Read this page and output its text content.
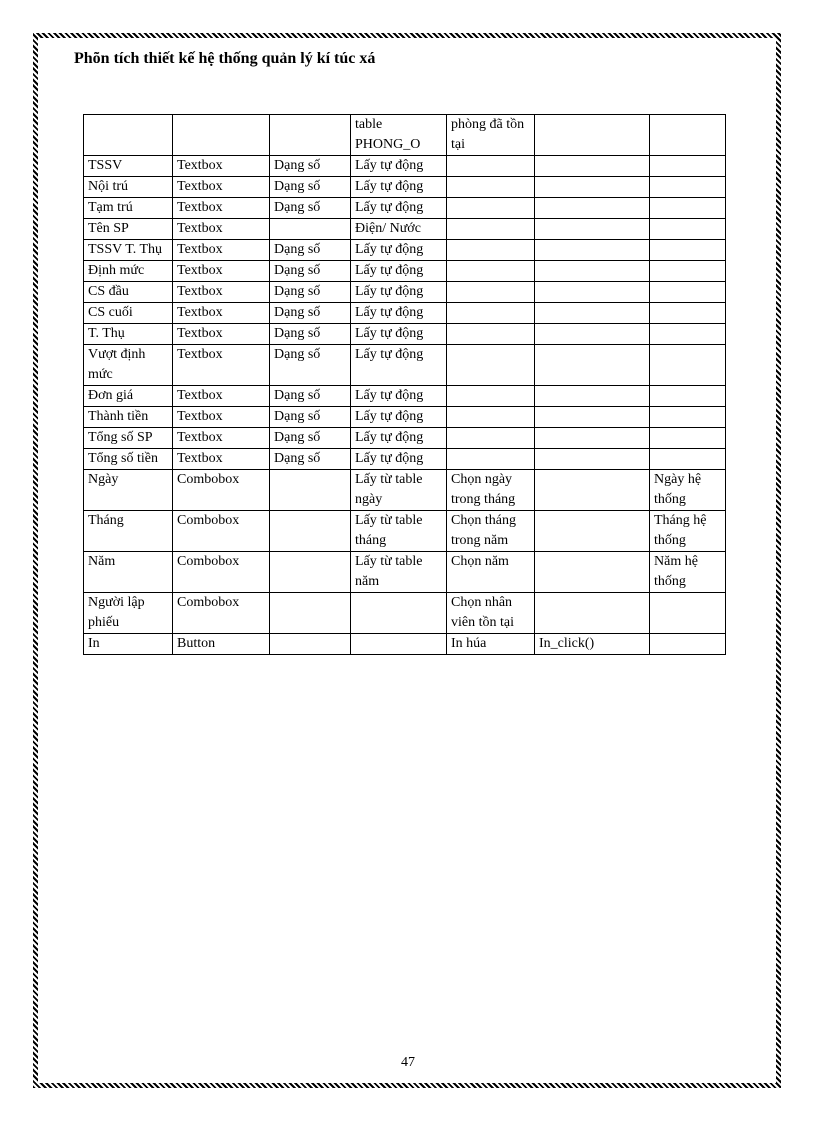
Phõn tích thiết kế hệ thống quản lý kí túc xá
			table PHONG_O	phòng đã tồn tại		
TSSV	Textbox	Dạng số	Lấy tự động			
Nội trú	Textbox	Dạng số	Lấy tự động			
Tạm trú	Textbox	Dạng số	Lấy tự động			
Tên SP	Textbox		Điện/ Nước			
TSSV T. Thụ	Textbox	Dạng số	Lấy tự động			
Định mức	Textbox	Dạng số	Lấy tự động			
CS đầu	Textbox	Dạng số	Lấy tự động			
CS cuối	Textbox	Dạng số	Lấy tự động			
T. Thụ	Textbox	Dạng số	Lấy tự động			
Vượt định mức	Textbox	Dạng số	Lấy tự động			
Đơn giá	Textbox	Dạng số	Lấy tự động			
Thành tiền	Textbox	Dạng số	Lấy tự động			
Tổng số SP	Textbox	Dạng số	Lấy tự động			
Tổng số tiền	Textbox	Dạng số	Lấy tự động			
Ngày	Combobox		Lấy từ table ngày	Chọn ngày trong tháng		Ngày hệ thống
Tháng	Combobox		Lấy từ table tháng	Chọn tháng trong năm		Tháng hệ thống
Năm	Combobox		Lấy từ table năm	Chọn năm		Năm hệ thống
Người lập phiếu	Combobox			Chọn nhân viên tồn tại		
In	Button			In húa	In_click()	
47
